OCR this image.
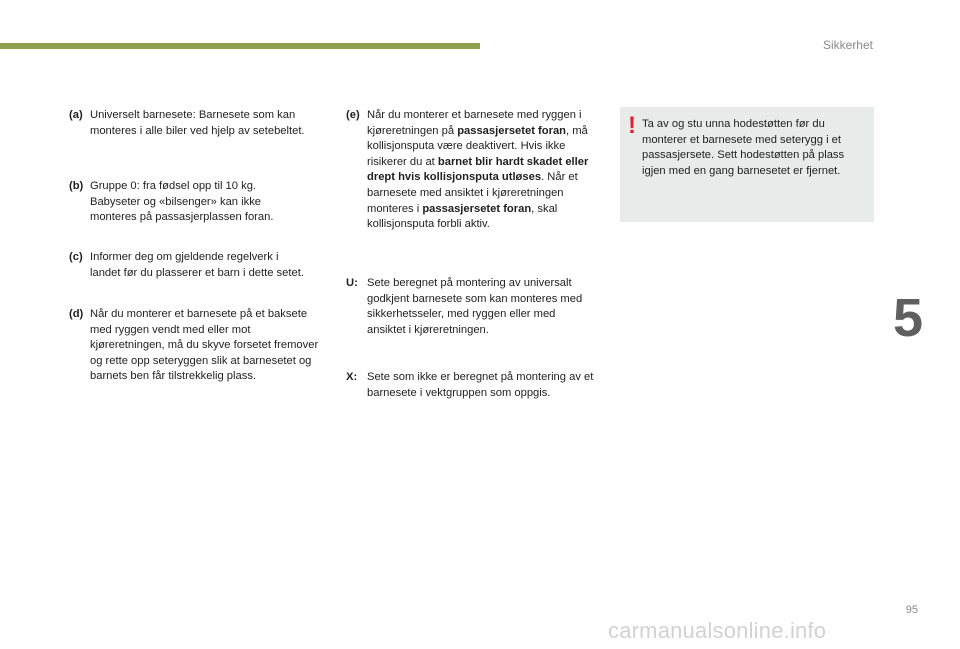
Sikkerhet
5
(a) Universelt barnesete: Barnesete som kan monteres i alle biler ved hjelp av setebeltet.
(b) Gruppe 0: fra fødsel opp til 10 kg. Babyseter og «bilsenger» kan ikke monteres på passasjerplassen foran.
(c) Informer deg om gjeldende regelverk i landet før du plasserer et barn i dette setet.
(d) Når du monterer et barnesete på et baksete med ryggen vendt med eller mot kjøreretningen, må du skyve forsetet fremover og rette opp seteryggen slik at barnesetet og barnets ben får tilstrekkelig plass.
(e) Når du monterer et barnesete med ryggen i kjøreretningen på passasjersetet foran, må kollisjonsputa være deaktivert. Hvis ikke risikerer du at barnet blir hardt skadet eller drept hvis kollisjonsputa utløses. Når et barnesete med ansiktet i kjøreretningen monteres i passasjersetet foran, skal kollisjonsputa forbli aktiv.
U: Sete beregnet på montering av universalt godkjent barnesete som kan monteres med sikkerhetsseler, med ryggen eller med ansiktet i kjøreretningen.
X: Sete som ikke er beregnet på montering av et barnesete i vektgruppen som oppgis.
! Ta av og stu unna hodestøtten før du monterer et barnesete med seterygg i et passasjersete. Sett hodestøtten på plass igjen med en gang barnesetet er fjernet.
95
carmanualsonline.info
